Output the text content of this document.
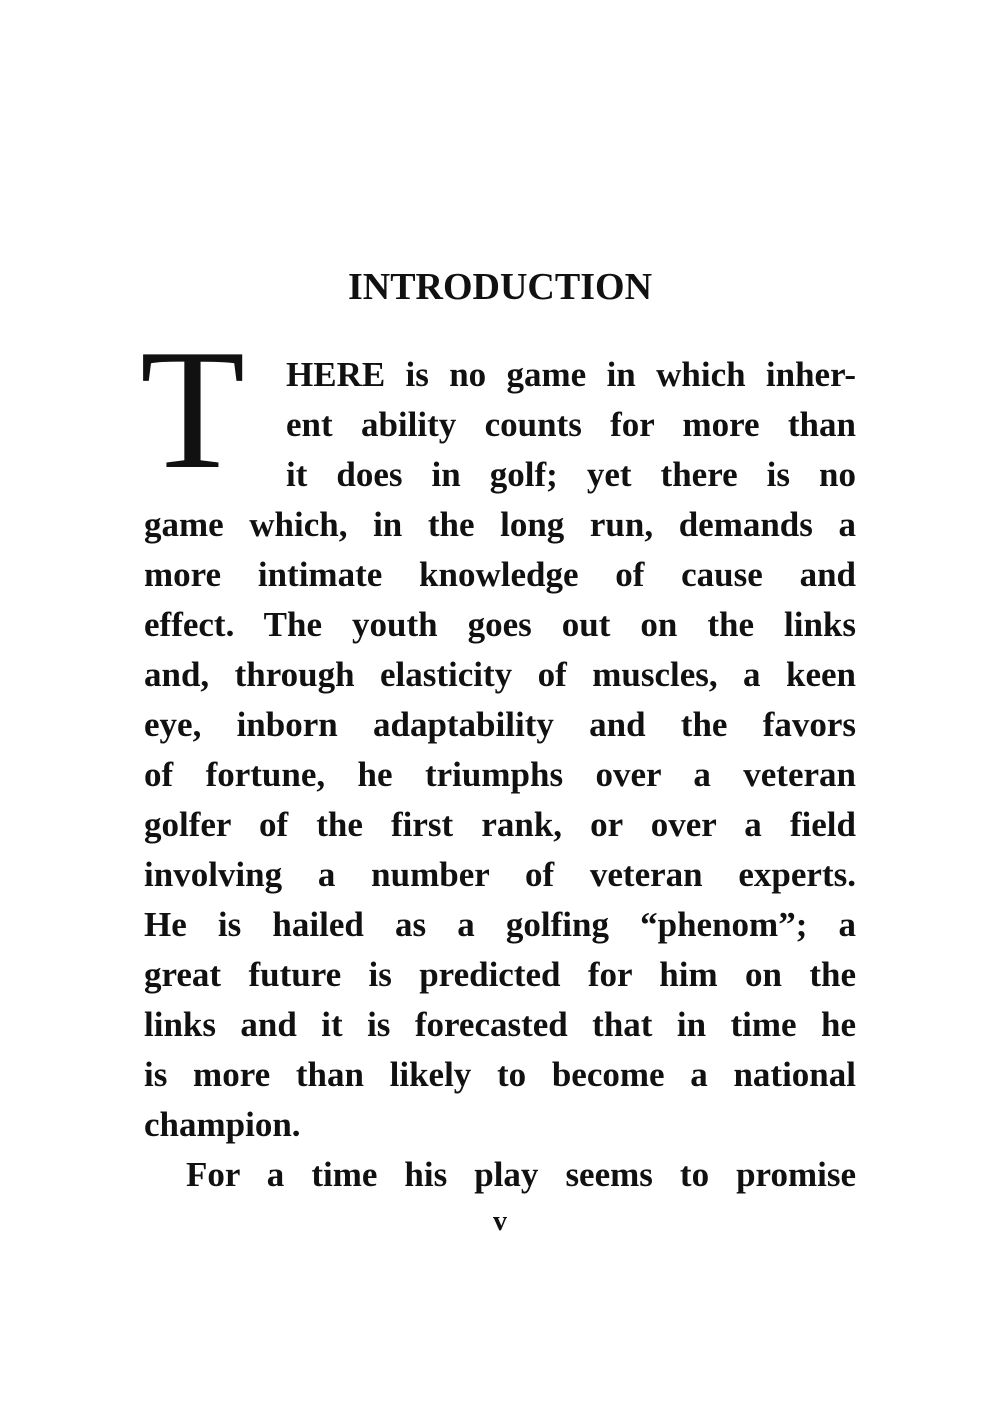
INTRODUCTION
T HERE is no game in which inher-
ent ability counts for more than
it does in golf; yet there is no
game which, in the long run, demands a
more intimate knowledge of cause and
effect. The youth goes out on the links
and, through elasticity of muscles, a keen
eye, inborn adaptability and the favors
of fortune, he triumphs over a veteran
golfer of the first rank, or over a field
involving a number of veteran experts.
He is hailed as a golfing “phenom”; a
great future is predicted for him on the
links and it is forecasted that in time he
is more than likely to become a national
champion.
For a time his play seems to promise
v
